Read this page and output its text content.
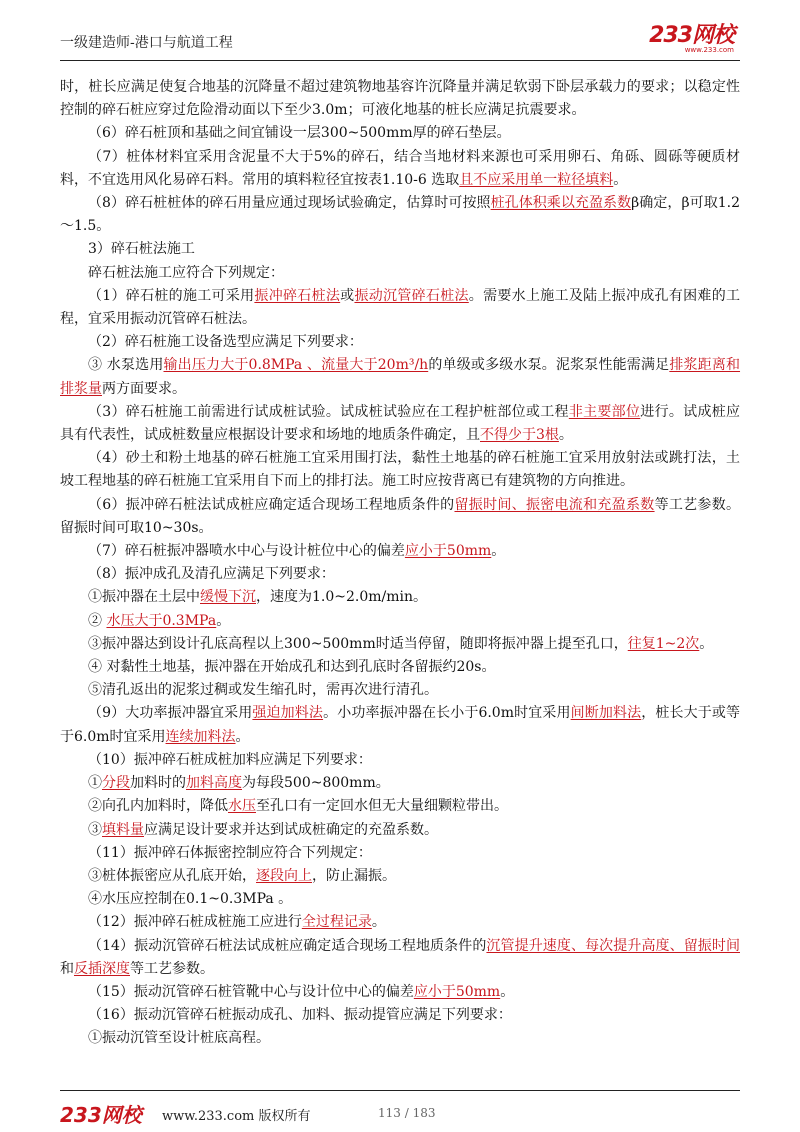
一级建造师-港口与航道工程	233网校
www.233.com

时，桩长应满足使复合地基的沉降量不超过建筑物地基容许沉降量并满足软弱下卧层承载力的要求；以稳定性控制的碎石桩应穿过危险滑动面以下至少3.0m；可液化地基的桩长应满足抗震要求。

（6）碎石桩顶和基础之间宜铺设一层300~500mm厚的碎石垫层。

（7）桩体材料宜采用含泥量不大于5%的碎石，结合当地材料来源也可采用卵石、角砾、圆砾等硬质材料，不宜选用风化易碎石料。常用的填料粒径宜按表1.10-6 选取且不应采用单一粒径填料。

（8）碎石桩桩体的碎石用量应通过现场试验确定，估算时可按照桩孔体积乘以充盈系数β确定，β可取1.2～1.5。

3）碎石桩法施工

碎石桩法施工应符合下列规定：

（1）碎石桩的施工可采用振冲碎石桩法或振动沉管碎石桩法。需要水上施工及陆上振冲成孔有困难的工程，宜采用振动沉管碎石桩法。

（2）碎石桩施工设备选型应满足下列要求：

③ 水泵选用输出压力大于0.8MPa 、流量大于20m³/h的单级或多级水泵。泥浆泵性能需满足排浆距离和排浆量两方面要求。

（3）碎石桩施工前需进行试成桩试验。试成桩试验应在工程护桩部位或工程非主要部位进行。试成桩应具有代表性，试成桩数量应根据设计要求和场地的地质条件确定，且不得少于3根。

（4）砂土和粉土地基的碎石桩施工宜采用围打法，黏性土地基的碎石桩施工宜采用放射法或跳打法，土坡工程地基的碎石桩施工宜采用自下而上的排打法。施工时应按背离已有建筑物的方向推进。

（6）振冲碎石桩法试成桩应确定适合现场工程地质条件的留振时间、振密电流和充盈系数等工艺参数。留振时间可取10~30s。

（7）碎石桩振冲器喷水中心与设计桩位中心的偏差应小于50mm。

（8）振冲成孔及清孔应满足下列要求：

①振冲器在土层中缓慢下沉，速度为1.0~2.0m/min。

② 水压大于0.3MPa。

③振冲器达到设计孔底高程以上300~500mm时适当停留，随即将振冲器上提至孔口，往复1~2次。

④ 对黏性土地基，振冲器在开始成孔和达到孔底时各留振约20s。

⑤清孔返出的泥浆过稠或发生缩孔时，需再次进行清孔。

（9）大功率振冲器宜采用强迫加料法。小功率振冲器在长小于6.0m时宜采用间断加料法，桩长大于或等于6.0m时宜采用连续加料法。

（10）振冲碎石桩成桩加料应满足下列要求：

①分段加料时的加料高度为每段500~800mm。

②向孔内加料时，降低水压至孔口有一定回水但无大量细颗粒带出。

③填料量应满足设计要求并达到试成桩确定的充盈系数。

（11）振冲碎石体振密控制应符合下列规定：

③桩体振密应从孔底开始，逐段向上，防止漏振。

④水压应控制在0.1~0.3MPa 。

（12）振冲碎石桩成桩施工应进行全过程记录。

（14）振动沉管碎石桩法试成桩应确定适合现场工程地质条件的沉管提升速度、每次提升高度、留振时间和反插深度等工艺参数。

（15）振动沉管碎石桩管靴中心与设计位中心的偏差应小于50mm。

（16）振动沉管碎石桩振动成孔、加料、振动提管应满足下列要求：

①振动沉管至设计桩底高程。

233网校 www.233.com 版权所有	113 / 183
